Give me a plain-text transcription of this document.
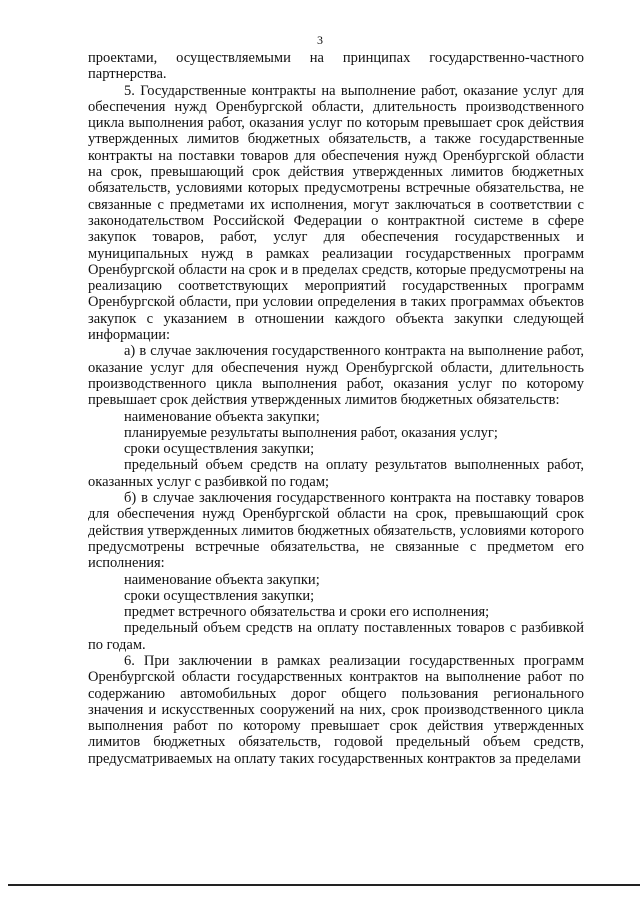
3

проектами, осуществляемыми на принципах государственно-частного партнерства.

5. Государственные контракты на выполнение работ, оказание услуг для обеспечения нужд Оренбургской области, длительность производственного цикла выполнения работ, оказания услуг по которым превышает срок действия утвержденных лимитов бюджетных обязательств, а также государственные контракты на поставки товаров для обеспечения нужд Оренбургской области на срок, превышающий срок действия утвержденных лимитов бюджетных обязательств, условиями которых предусмотрены встречные обязательства, не связанные с предметами их исполнения, могут заключаться в соответствии с законодательством Российской Федерации о контрактной системе в сфере закупок товаров, работ, услуг для обеспечения государственных и муниципальных нужд в рамках реализации государственных программ Оренбургской области на срок и в пределах средств, которые предусмотрены на реализацию соответствующих мероприятий государственных программ Оренбургской области, при условии определения в таких программах объектов закупок с указанием в отношении каждого объекта закупки следующей информации:

а) в случае заключения государственного контракта на выполнение работ, оказание услуг для обеспечения нужд Оренбургской области, длительность производственного цикла выполнения работ, оказания услуг по которому превышает срок действия утвержденных лимитов бюджетных обязательств:

наименование объекта закупки;

планируемые результаты выполнения работ, оказания услуг;

сроки осуществления закупки;

предельный объем средств на оплату результатов выполненных работ, оказанных услуг с разбивкой по годам;

б) в случае заключения государственного контракта на поставку товаров для обеспечения нужд Оренбургской области на срок, превышающий срок действия утвержденных лимитов бюджетных обязательств, условиями которого предусмотрены встречные обязательства, не связанные с предметом его исполнения:

наименование объекта закупки;

сроки осуществления закупки;

предмет встречного обязательства и сроки его исполнения;

предельный объем средств на оплату поставленных товаров с разбивкой по годам.

6. При заключении в рамках реализации государственных программ Оренбургской области государственных контрактов на выполнение работ по содержанию автомобильных дорог общего пользования регионального значения и искусственных сооружений на них, срок производственного цикла выполнения работ по которому превышает срок действия утвержденных лимитов бюджетных обязательств, годовой предельный объем средств, предусматриваемых на оплату таких государственных контрактов за пределами
